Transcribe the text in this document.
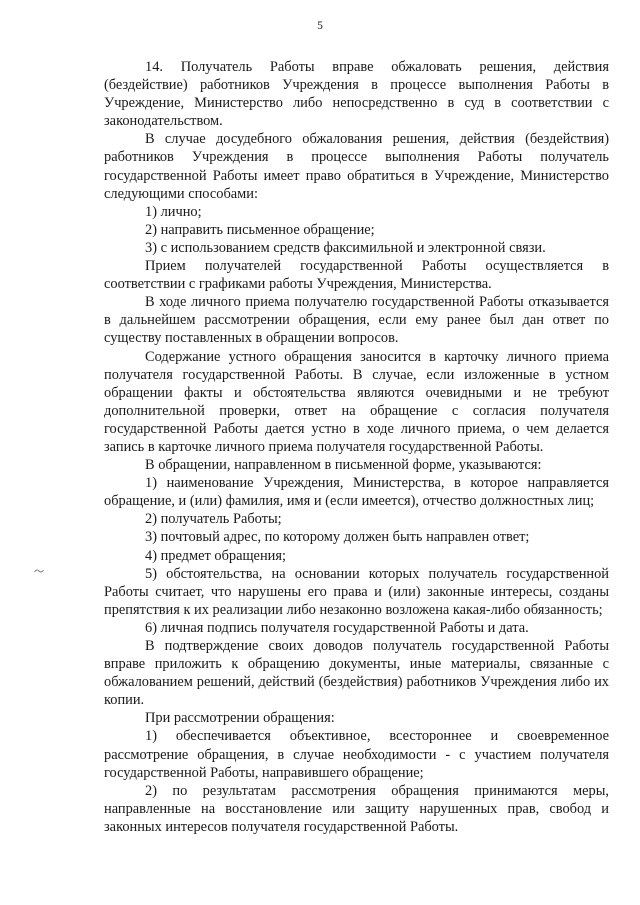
5

14. Получатель Работы вправе обжаловать решения, действия (бездействие) работников Учреждения в процессе выполнения Работы в Учреждение, Министерство либо непосредственно в суд в соответствии с законодательством.

В случае досудебного обжалования решения, действия (бездействия) работников Учреждения в процессе выполнения Работы получатель государственной Работы имеет право обратиться в Учреждение, Министерство следующими способами:

1) лично;

2) направить письменное обращение;

3) с использованием средств факсимильной и электронной связи.

Прием получателей государственной Работы осуществляется в соответствии с графиками работы Учреждения, Министерства.

В ходе личного приема получателю государственной Работы отказывается в дальнейшем рассмотрении обращения, если ему ранее был дан ответ по существу поставленных в обращении вопросов.

Содержание устного обращения заносится в карточку личного приема получателя государственной Работы. В случае, если изложенные в устном обращении факты и обстоятельства являются очевидными и не требуют дополнительной проверки, ответ на обращение с согласия получателя государственной Работы дается устно в ходе личного приема, о чем делается запись в карточке личного приема получателя государственной Работы.

В обращении, направленном в письменной форме, указываются:

1) наименование Учреждения, Министерства, в которое направляется обращение, и (или) фамилия, имя и (если имеется), отчество должностных лиц;

2) получатель Работы;

3) почтовый адрес, по которому должен быть направлен ответ;

4) предмет обращения;

5) обстоятельства, на основании которых получатель государственной Работы считает, что нарушены его права и (или) законные интересы, созданы препятствия к их реализации либо незаконно возложена какая-либо обязанность;

6) личная подпись получателя государственной Работы и дата.

В подтверждение своих доводов получатель государственной Работы вправе приложить к обращению документы, иные материалы, связанные с обжалованием решений, действий (бездействия) работников Учреждения либо их копии.

При рассмотрении обращения:

1) обеспечивается объективное, всестороннее и своевременное рассмотрение обращения, в случае необходимости - с участием получателя государственной Работы, направившего обращение;

2) по результатам рассмотрения обращения принимаются меры, направленные на восстановление или защиту нарушенных прав, свобод и законных интересов получателя государственной Работы.
